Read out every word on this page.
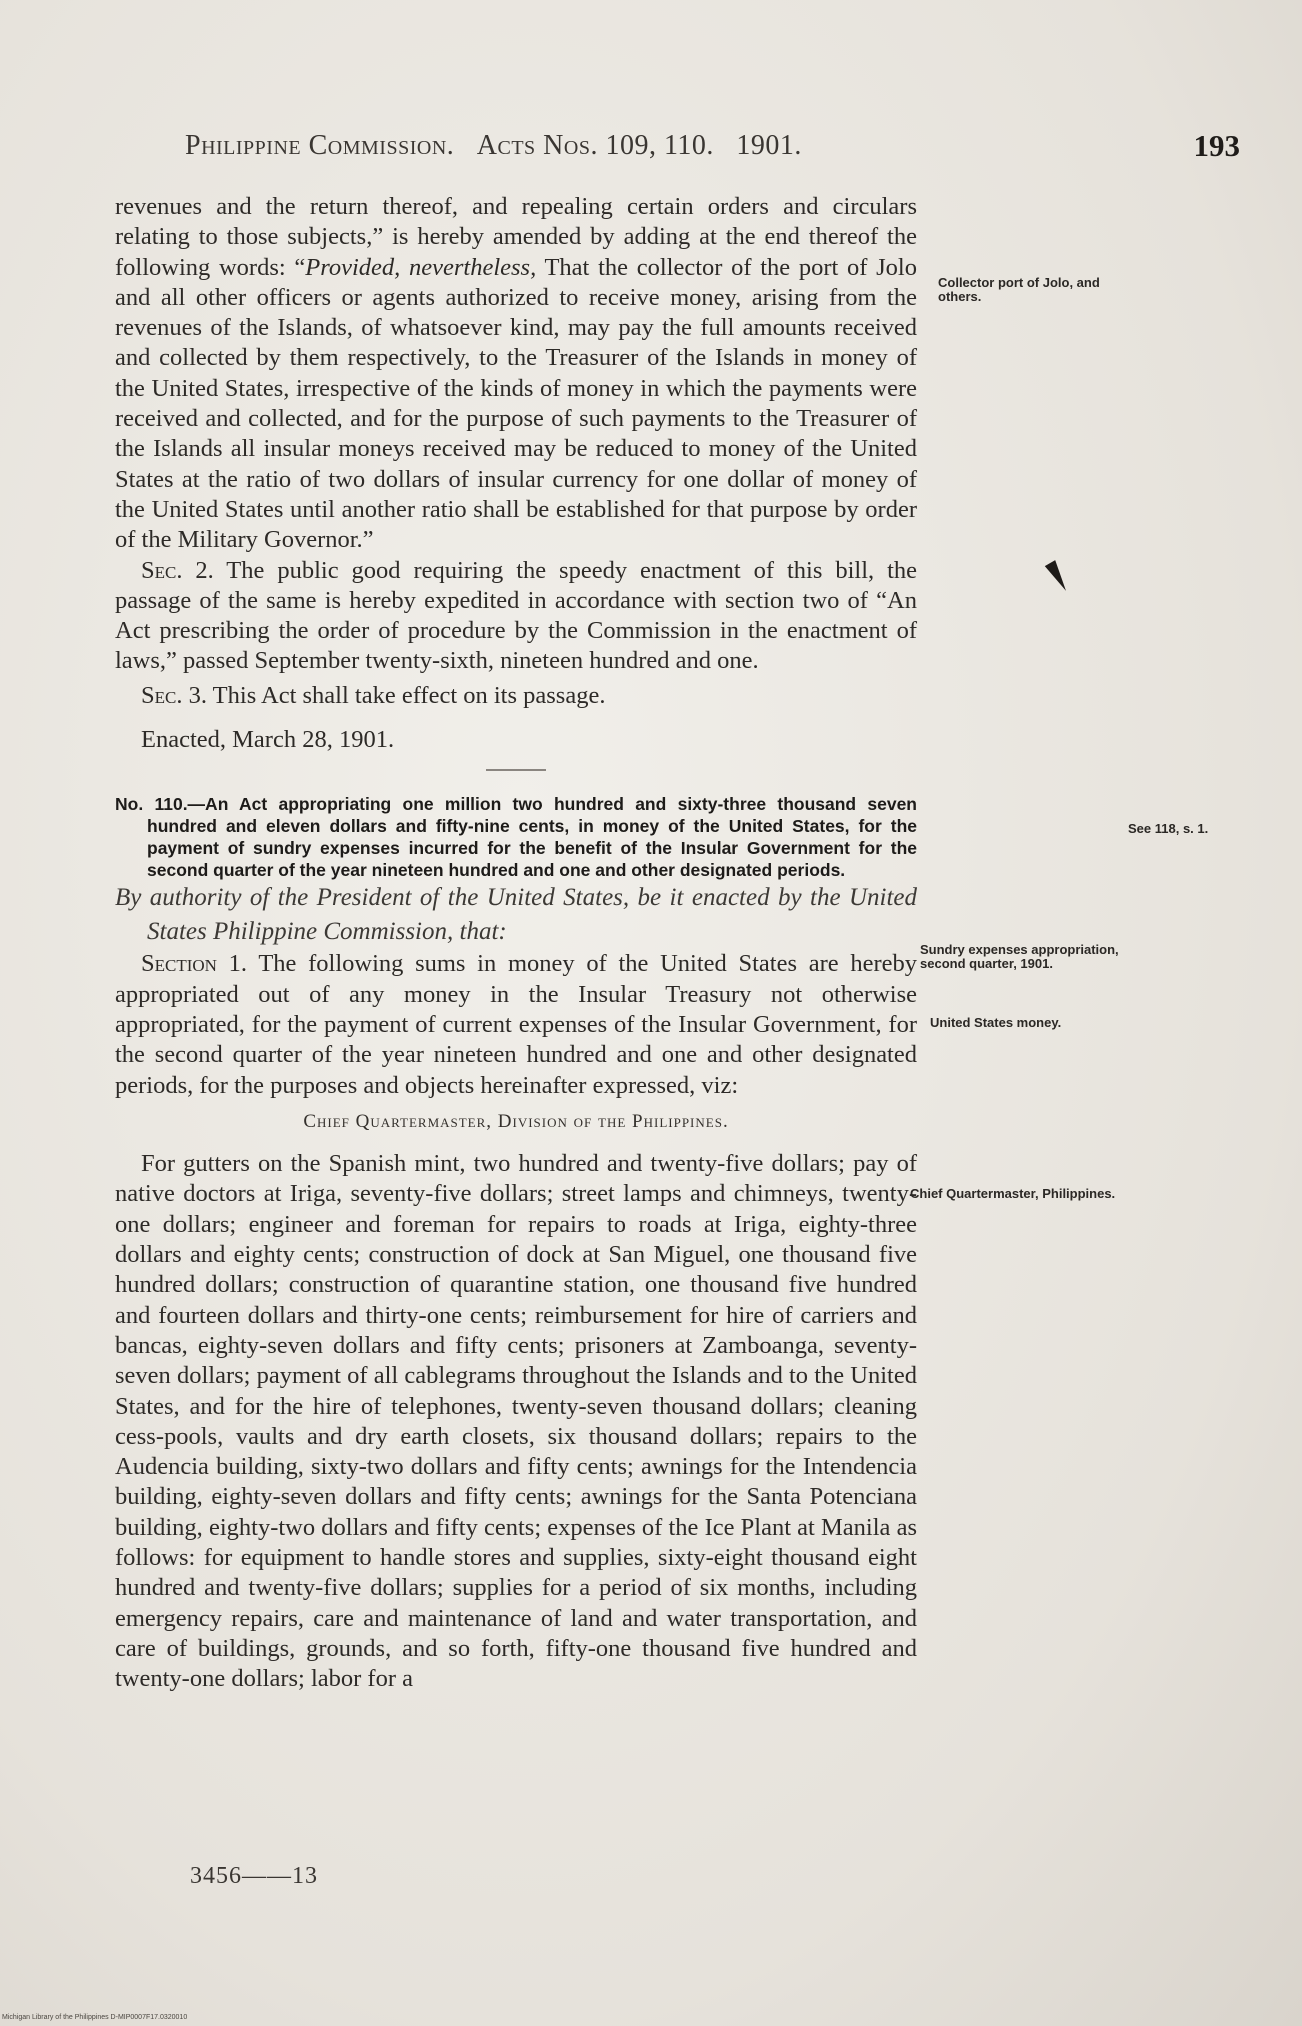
Philippine Commission. Acts Nos. 109, 110. 1901.	193

revenues and the return thereof, and repealing certain orders and circulars relating to those subjects,” is hereby amended by adding at the end thereof the following words: “Provided, nevertheless, That the collector of the port of Jolo and all other officers or agents authorized to receive money, arising from the revenues of the Islands, of whatsoever kind, may pay the full amounts received and collected by them respectively, to the Treasurer of the Islands in money of the United States, irrespective of the kinds of money in which the payments were received and collected, and for the purpose of such payments to the Treasurer of the Islands all insular moneys received may be reduced to money of the United States at the ratio of two dollars of insular currency for one dollar of money of the United States until another ratio shall be established for that purpose by order of the Military Governor.”

Sec. 2. The public good requiring the speedy enactment of this bill, the passage of the same is hereby expedited in accordance with section two of “An Act prescribing the order of procedure by the Commission in the enactment of laws,” passed September twenty-sixth, nineteen hundred and one.

Sec. 3. This Act shall take effect on its passage.

Enacted, March 28, 1901.

No. 110.—An Act appropriating one million two hundred and sixty-three thousand seven hundred and eleven dollars and fifty-nine cents, in money of the United States, for the payment of sundry expenses incurred for the benefit of the Insular Government for the second quarter of the year nineteen hundred and one and other designated periods.

By authority of the President of the United States, be it enacted by the United States Philippine Commission, that:

Section 1. The following sums in money of the United States are hereby appropriated out of any money in the Insular Treasury not otherwise appropriated, for the payment of current expenses of the Insular Government, for the second quarter of the year nineteen hundred and one and other designated periods, for the purposes and objects hereinafter expressed, viz:

Chief Quartermaster, Division of the Philippines.

For gutters on the Spanish mint, two hundred and twenty-five dollars; pay of native doctors at Iriga, seventy-five dollars; street lamps and chimneys, twenty-one dollars; engineer and foreman for repairs to roads at Iriga, eighty-three dollars and eighty cents; construction of dock at San Miguel, one thousand five hundred dollars; construction of quarantine station, one thousand five hundred and fourteen dollars and thirty-one cents; reimbursement for hire of carriers and bancas, eighty-seven dollars and fifty cents; prisoners at Zamboanga, seventy-seven dollars; payment of all cablegrams throughout the Islands and to the United States, and for the hire of telephones, twenty-seven thousand dollars; cleaning cess-pools, vaults and dry earth closets, six thousand dollars; repairs to the Audencia building, sixty-two dollars and fifty cents; awnings for the Intendencia building, eighty-seven dollars and fifty cents; awnings for the Santa Potenciana building, eighty-two dollars and fifty cents; expenses of the Ice Plant at Manila as follows: for equipment to handle stores and supplies, sixty-eight thousand eight hundred and twenty-five dollars; supplies for a period of six months, including emergency repairs, care and maintenance of land and water transportation, and care of buildings, grounds, and so forth, fifty-one thousand five hundred and twenty-one dollars; labor for a

Collector port of Jolo, and others.
See 118, s. 1.
Sundry expenses appropriation, second quarter, 1901.
United States money.
Chief Quartermaster, Philippines.
3456——13
Michigan Library of the Philippines D-MIP0007F17.0320010
